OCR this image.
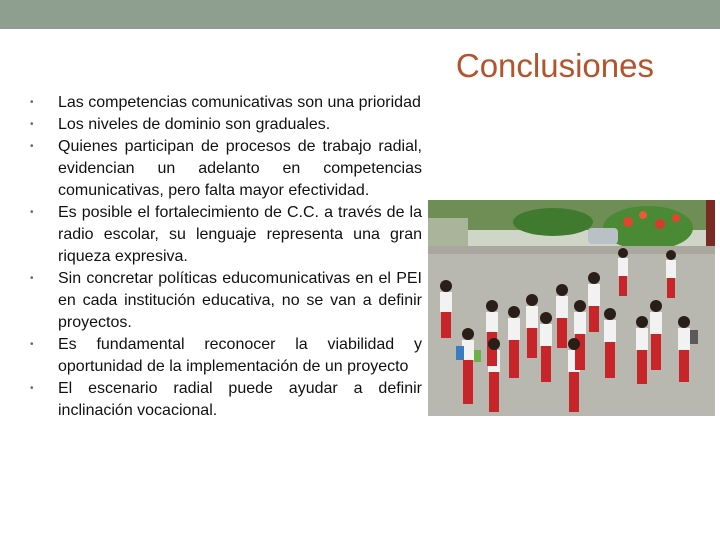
Conclusiones
• Las competencias comunicativas son una prioridad
• Los niveles de dominio son graduales.
• Quienes participan de procesos de trabajo radial, evidencian un adelanto en competencias comunicativas, pero falta mayor efectividad.
• Es posible el fortalecimiento de C.C. a través de la radio escolar, su lenguaje representa una gran riqueza expresiva.
• Sin concretar políticas educomunicativas en el PEI en cada institución educativa, no se van a definir proyectos.
• Es fundamental reconocer la viabilidad y oportunidad de la implementación de un proyecto
• El escenario radial puede ayudar a definir inclinación vocacional.
